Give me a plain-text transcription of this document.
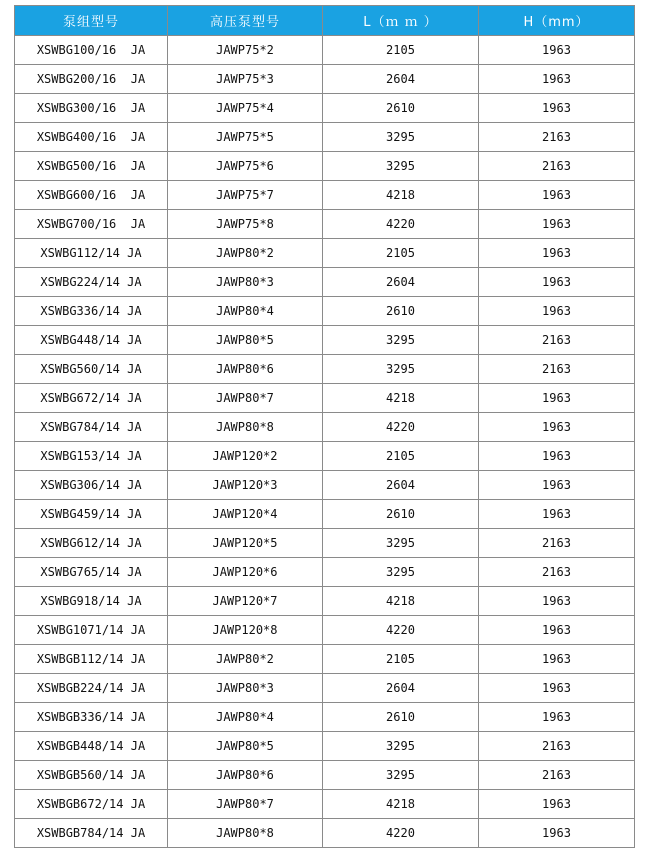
泵组型号	高压泵型号	L（ｍ ｍ ）	H（mm）
XSWBG100/16  JA	JAWP75*2	2105	1963
XSWBG200/16  JA	JAWP75*3	2604	1963
XSWBG300/16  JA	JAWP75*4	2610	1963
XSWBG400/16  JA	JAWP75*5	3295	2163
XSWBG500/16  JA	JAWP75*6	3295	2163
XSWBG600/16  JA	JAWP75*7	4218	1963
XSWBG700/16  JA	JAWP75*8	4220	1963
XSWBG112/14 JA	JAWP80*2	2105	1963
XSWBG224/14 JA	JAWP80*3	2604	1963
XSWBG336/14 JA	JAWP80*4	2610	1963
XSWBG448/14 JA	JAWP80*5	3295	2163
XSWBG560/14 JA	JAWP80*6	3295	2163
XSWBG672/14 JA	JAWP80*7	4218	1963
XSWBG784/14 JA	JAWP80*8	4220	1963
XSWBG153/14 JA	JAWP120*2	2105	1963
XSWBG306/14 JA	JAWP120*3	2604	1963
XSWBG459/14 JA	JAWP120*4	2610	1963
XSWBG612/14 JA	JAWP120*5	3295	2163
XSWBG765/14 JA	JAWP120*6	3295	2163
XSWBG918/14 JA	JAWP120*7	4218	1963
XSWBG1071/14 JA	JAWP120*8	4220	1963
XSWBGB112/14 JA	JAWP80*2	2105	1963
XSWBGB224/14 JA	JAWP80*3	2604	1963
XSWBGB336/14 JA	JAWP80*4	2610	1963
XSWBGB448/14 JA	JAWP80*5	3295	2163
XSWBGB560/14 JA	JAWP80*6	3295	2163
XSWBGB672/14 JA	JAWP80*7	4218	1963
XSWBGB784/14 JA	JAWP80*8	4220	1963
